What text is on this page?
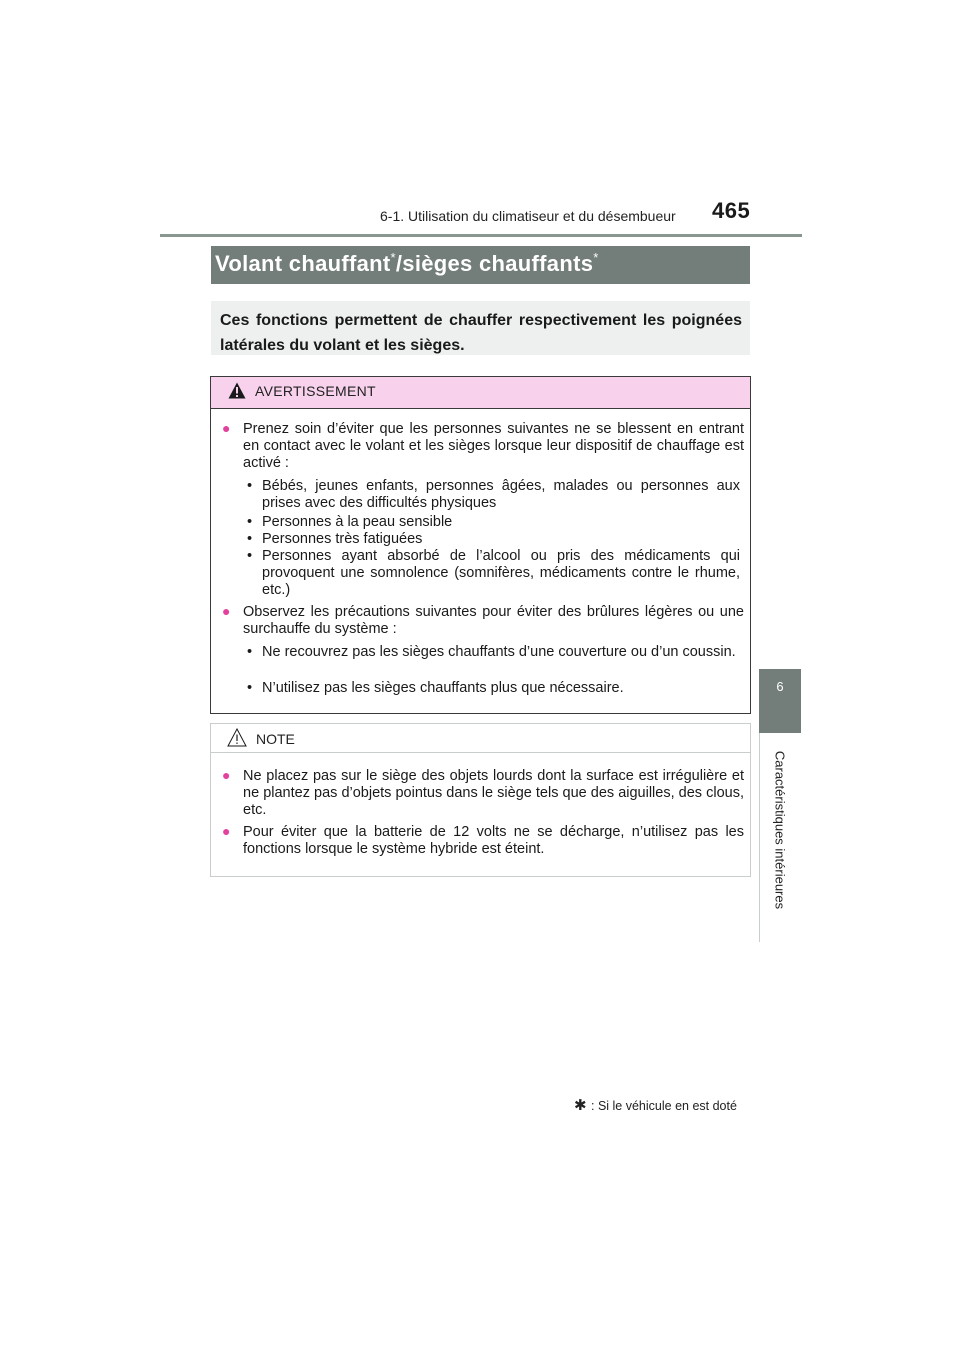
6-1. Utilisation du climatiseur et du désembueur 465
6
Caractéristiques intérieures
Volant chauffant*/sièges chauffants*
Ces fonctions permettent de chauffer respectivement les poignées latérales du volant et les sièges.
AVERTISSEMENT
● Prenez soin d’éviter que les personnes suivantes ne se blessent en entrant en contact avec le volant et les sièges lorsque leur dispositif de chauffage est activé :
• Bébés, jeunes enfants, personnes âgées, malades ou personnes aux prises avec des difficultés physiques
• Personnes à la peau sensible
• Personnes très fatiguées
• Personnes ayant absorbé de l’alcool ou pris des médicaments qui provoquent une somnolence (somnifères, médicaments contre le rhume, etc.)
● Observez les précautions suivantes pour éviter des brûlures légères ou une surchauffe du système :
• Ne recouvrez pas les sièges chauffants d’une couverture ou d’un coussin.
• N’utilisez pas les sièges chauffants plus que nécessaire.
NOTE
● Ne placez pas sur le siège des objets lourds dont la surface est irrégulière et ne plantez pas d’objets pointus dans le siège tels que des aiguilles, des clous, etc.
● Pour éviter que la batterie de 12 volts ne se décharge, n’utilisez pas les fonctions lorsque le système hybride est éteint.
✱ : Si le véhicule en est doté
